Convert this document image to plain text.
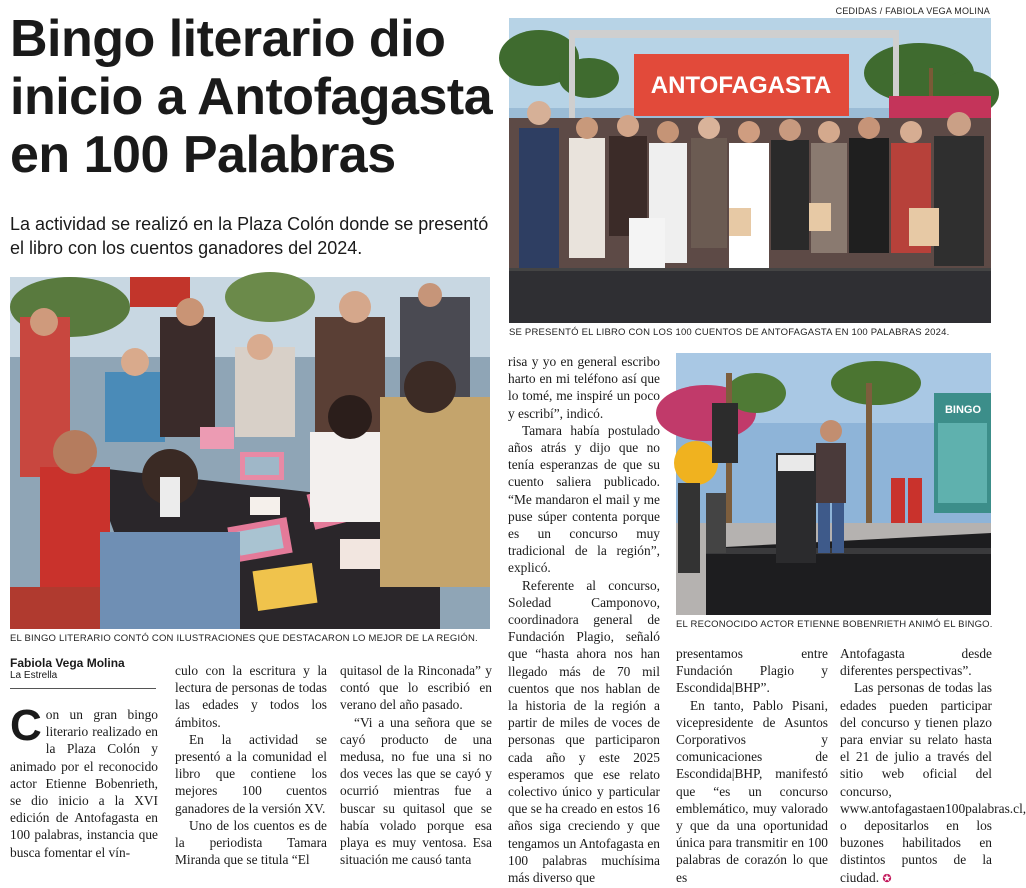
Bingo literario dio inicio a Antofagasta en 100 Palabras
La actividad se realizó en la Plaza Colón donde se presentó el libro con los cuentos ganadores del 2024.
CEDIDAS / FABIOLA VEGA MOLINA
ANTOFAGASTA
SE PRESENTÓ EL LIBRO CON LOS 100 CUENTOS DE ANTOFAGASTA EN 100 PALABRAS 2024.
EL BINGO LITERARIO CONTÓ CON ILUSTRACIONES QUE DESTACARON LO MEJOR DE LA REGIÓN.
BINGO
EL RECONOCIDO ACTOR ETIENNE BOBENRIETH ANIMÓ EL BINGO.
Fabiola Vega Molina
La Estrella

Con un gran bingo literario realizado en la Plaza Colón y animado por el reconocido actor Etienne Bobenrieth, se dio inicio a la XVI edición de Antofagasta en 100 palabras, instancia que busca fomentar el vín-

culo con la escritura y la lectura de personas de todas las edades y todos los ámbitos.

En la actividad se presentó a la comunidad el libro que contiene los mejores 100 cuentos ganadores de la versión XV.

Uno de los cuentos es de la periodista Tamara Miranda que se titula “El

quitasol de la Rinconada” y contó que lo escribió en verano del año pasado.

“Vi a una señora que se cayó producto de una medusa, no fue una si no dos veces las que se cayó y ocurrió mientras fue a buscar su quitasol que se había volado porque esa playa es muy ventosa. Esa situación me causó tanta

risa y yo en general escribo harto en mi teléfono así que lo tomé, me inspiré un poco y escribí”, indicó.

Tamara había postulado años atrás y dijo que no tenía esperanzas de que su cuento saliera publicado. “Me mandaron el mail y me puse súper contenta porque es un concurso muy tradicional de la región”, explicó.

Referente al concurso, Soledad Camponovo, coordinadora general de Fundación Plagio, señaló que “hasta ahora nos han llegado más de 70 mil cuentos que nos hablan de la historia de la región a partir de miles de voces de personas que participaron cada año y este 2025 esperamos que ese relato colectivo único y particular que se ha creado en estos 16 años siga creciendo y que tengamos un Antofagasta en 100 palabras muchísima más diverso que

presentamos entre Fundación Plagio y Escondida|BHP”.

En tanto, Pablo Pisani, vicepresidente de Asuntos Corporativos y comunicaciones de Escondida|BHP, manifestó que “es un concurso emblemático, muy valorado y que da una oportunidad única para transmitir en 100 palabras de corazón lo que es

Antofagasta desde diferentes perspectivas”.

Las personas de todas las edades pueden participar del concurso y tienen plazo para enviar su relato hasta el 21 de julio a través del sitio web oficial del concurso, www.antofagastaen100palabras.cl, o depositarlos en los buzones habilitados en distintos puntos de la ciudad. ✪
